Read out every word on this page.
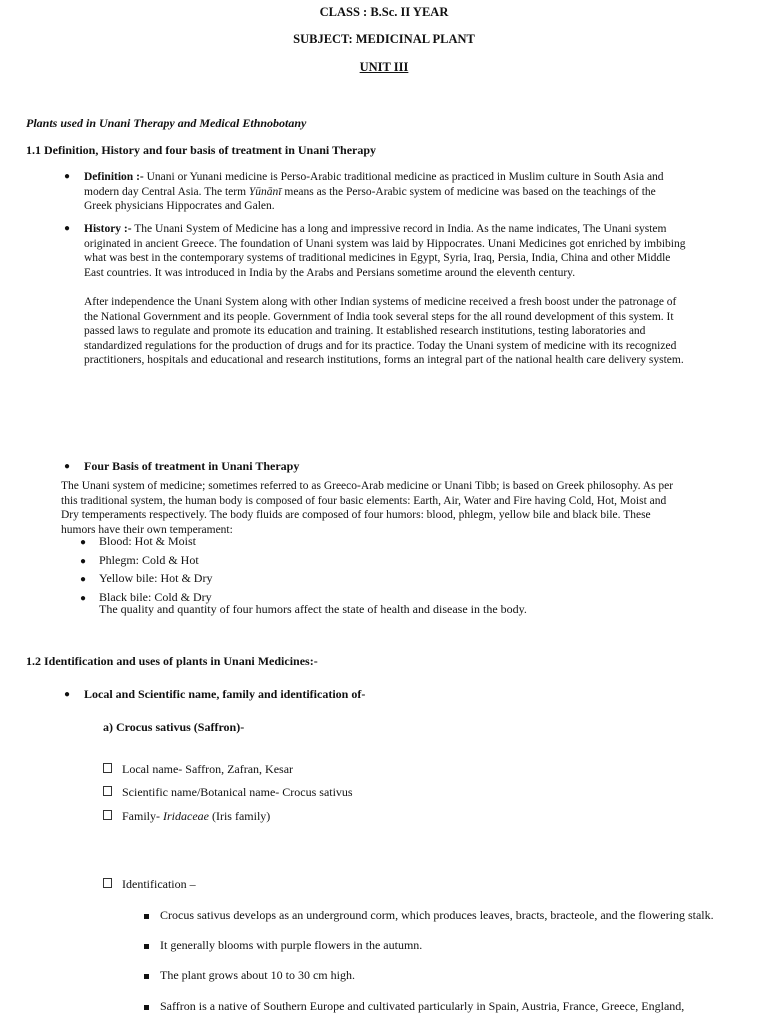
CLASS : B.Sc. II YEAR
SUBJECT: MEDICINAL PLANT
UNIT III
Plants used in Unani Therapy and Medical Ethnobotany
1.1 Definition, History and four basis of treatment in Unani Therapy
● Definition :- Unani or Yunani medicine is Perso-Arabic traditional medicine as practiced in Muslim culture in South Asia and
modern day Central Asia. The term Yūnānī means as the Perso-Arabic system of medicine was based on the teachings of the
Greek physicians Hippocrates and Galen.
● History :- The Unani System of Medicine has a long and impressive record in India. As the name indicates, The Unani system
originated in ancient Greece. The foundation of Unani system was laid by Hippocrates. Unani Medicines got enriched by imbibing
what was best in the contemporary systems of traditional medicines in Egypt, Syria, Iraq, Persia, India, China and other Middle
East countries. It was introduced in India by the Arabs and Persians sometime around the eleventh century.
After independence the Unani System along with other Indian systems of medicine received a fresh boost under the patronage of
the National Government and its people. Government of India took several steps for the all round development of this system. It
passed laws to regulate and promote its education and training. It established research institutions, testing laboratories and
standardized regulations for the production of drugs and for its practice. Today the Unani system of medicine with its recognized
practitioners, hospitals and educational and research institutions, forms an integral part of the national health care delivery system.
● Four Basis of treatment in Unani Therapy
The Unani system of medicine; sometimes referred to as Greeco-Arab medicine or Unani Tibb; is based on Greek philosophy. As per
this traditional system, the human body is composed of four basic elements: Earth, Air, Water and Fire having Cold, Hot, Moist and
Dry temperaments respectively. The body fluids are composed of four humors: blood, phlegm, yellow bile and black bile. These
humors have their own temperament:
● Blood: Hot & Moist
● Phlegm: Cold & Hot
● Yellow bile: Hot & Dry
● Black bile: Cold & Dry
The quality and quantity of four humors affect the state of health and disease in the body.
1.2 Identification and uses of plants in Unani Medicines:-
● Local and Scientific name, family and identification of-
a) Crocus sativus (Saffron)-
Local name- Saffron, Zafran, Kesar
Scientific name/Botanical name- Crocus sativus
Family- Iridaceae (Iris family)
Identification –
Crocus sativus develops as an underground corm, which produces leaves, bracts, bracteole, and the flowering stalk.
It generally blooms with purple flowers in the autumn.
The plant grows about 10 to 30 cm high.
Saffron is a native of Southern Europe and cultivated particularly in Spain, Austria, France, Greece, England,
